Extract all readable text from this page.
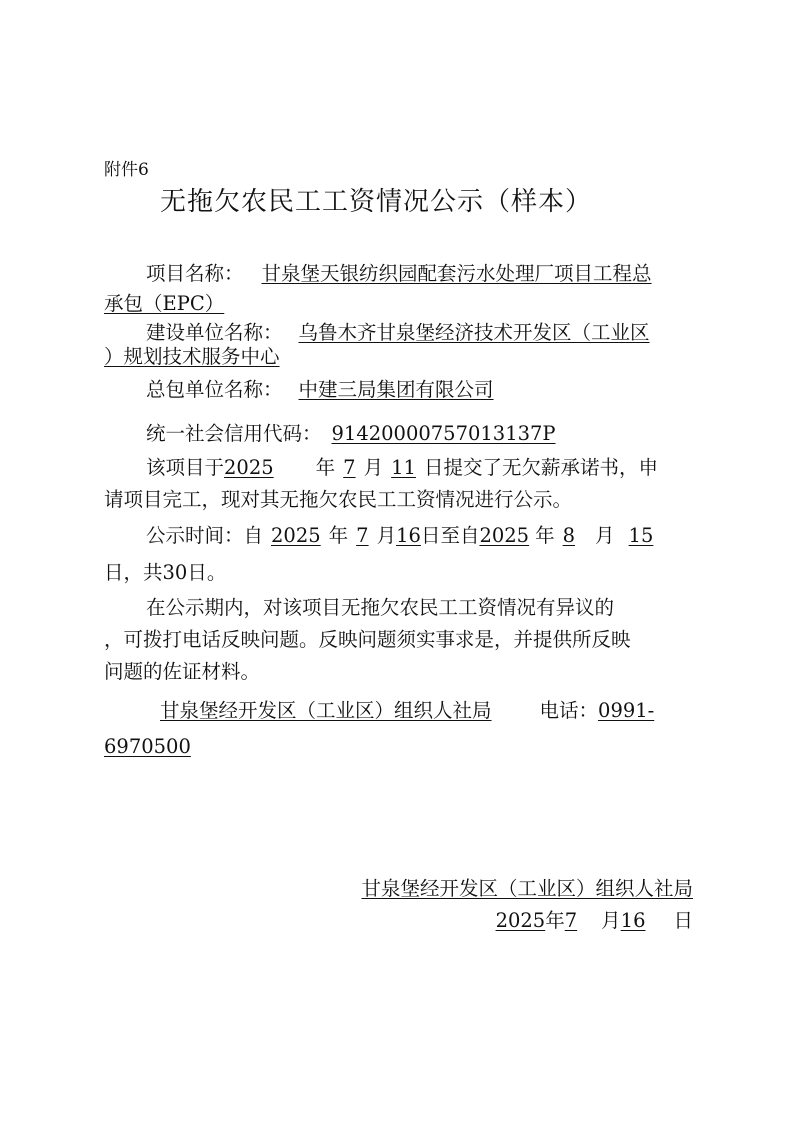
附件6
无拖欠农民工工资情况公示（样本）
项目名称： 甘泉堡天银纺织园配套污水处理厂项目工程总
承包（EPC）
建设单位名称： 乌鲁木齐甘泉堡经济技术开发区（工业区
）规划技术服务中心
总包单位名称： 中建三局集团有限公司
统一社会信用代码： 91420000757013137P
该项目于2025 年 7 月 11 日提交了无欠薪承诺书，申
请项目完工，现对其无拖欠农民工工资情况进行公示。
公示时间：自 2025 年 7 月16日至自2025 年 8 月 15
日，共30日。
在公示期内，对该项目无拖欠农民工工资情况有异议的
，可拨打电话反映问题。反映问题须实事求是，并提供所反映
问题的佐证材料。
甘泉堡经开发区（工业区）组织人社局 电话：0991-
6970500
甘泉堡经开发区（工业区）组织人社局
2025年7 月16 日
